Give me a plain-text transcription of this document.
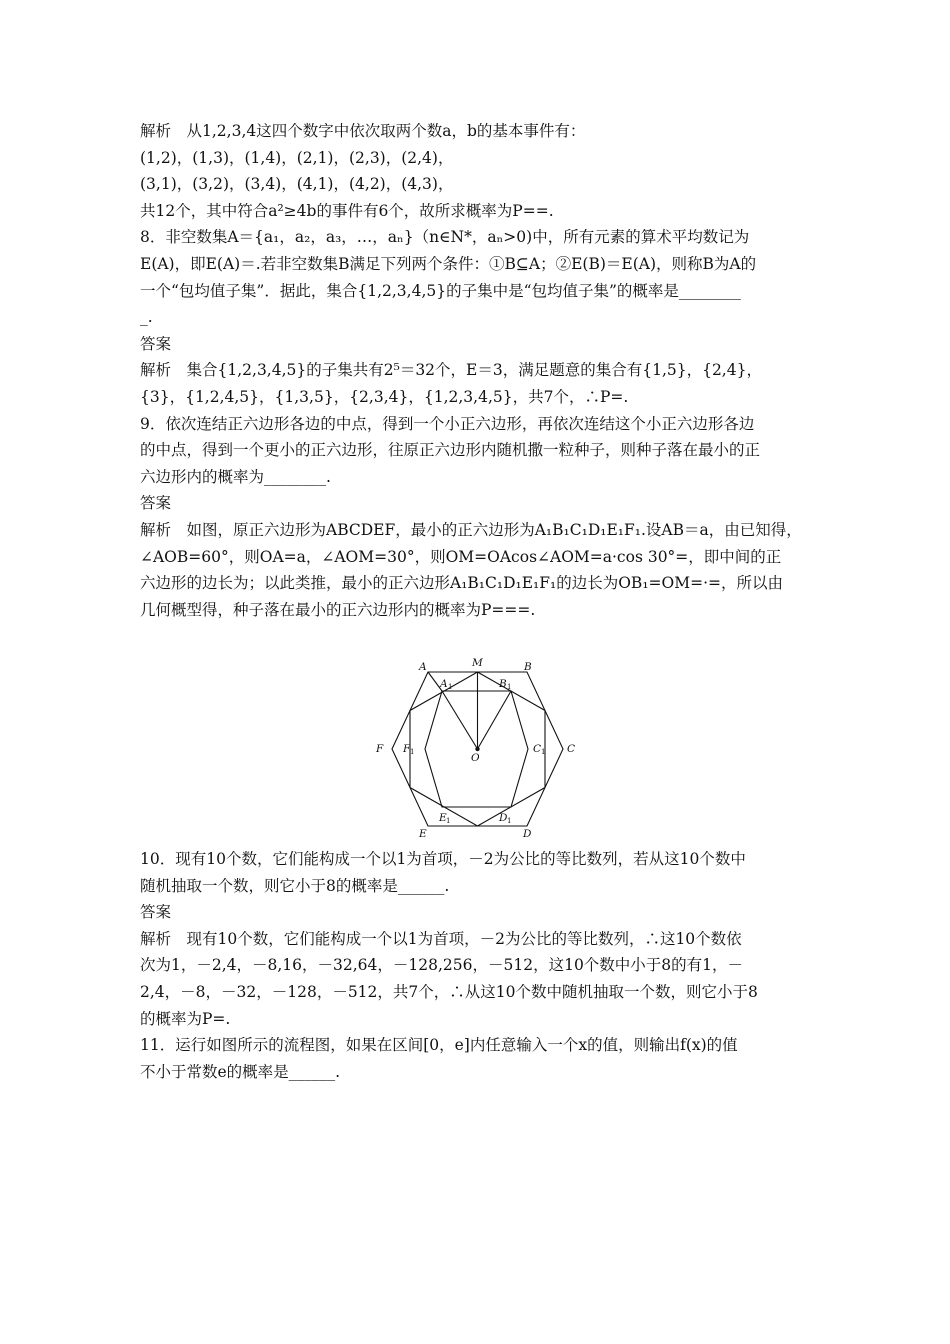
解析　从1,2,3,4这四个数字中依次取两个数a，b的基本事件有：
(1,2)，(1,3)，(1,4)，(2,1)，(2,3)，(2,4)，
(3,1)，(3,2)，(3,4)，(4,1)，(4,2)，(4,3)，
共12个，其中符合a²≥4b的事件有6个，故所求概率为P==.
8．非空数集A＝{a₁，a₂，a₃，…，aₙ}（n∈N*，aₙ>0)中，所有元素的算术平均数记为
E(A)，即E(A)＝.若非空数集B满足下列两个条件：①B⊆A；②E(B)＝E(A)，则称B为A的
一个“包均值子集”．据此，集合{1,2,3,4,5}的子集中是“包均值子集”的概率是________
_.
答案
解析　集合{1,2,3,4,5}的子集共有2⁵＝32个，E＝3，满足题意的集合有{1,5}，{2,4}，
{3}，{1,2,4,5}，{1,3,5}，{2,3,4}，{1,2,3,4,5}，共7个，∴P=.
9．依次连结正六边形各边的中点，得到一个小正六边形，再依次连结这个小正六边形各边
的中点，得到一个更小的正六边形，往原正六边形内随机撒一粒种子，则种子落在最小的正
六边形内的概率为________.
答案
解析　如图，原正六边形为ABCDEF，最小的正六边形为A₁B₁C₁D₁E₁F₁.设AB＝a，由已知得，
∠AOB=60°，则OA=a，∠AOM=30°，则OM=OAcos∠AOM=a·cos 30°=，即中间的正
六边形的边长为；以此类推，最小的正六边形A₁B₁C₁D₁E₁F₁的边长为OB₁=OM=·=，所以由
几何概型得，种子落在最小的正六边形内的概率为P===.
A	M	B
F	C
E	D
O
A 1	B 1
F 1	C 1
E 1	D 1
10．现有10个数，它们能构成一个以1为首项，－2为公比的等比数列，若从这10个数中
随机抽取一个数，则它小于8的概率是______.
答案
解析　现有10个数，它们能构成一个以1为首项，－2为公比的等比数列，∴这10个数依
次为1，－2,4，－8,16，－32,64，－128,256，－512，这10个数中小于8的有1，－
2,4，－8，－32，－128，－512，共7个，∴从这10个数中随机抽取一个数，则它小于8
的概率为P=.
11．运行如图所示的流程图，如果在区间[0，e]内任意输入一个x的值，则输出f(x)的值
不小于常数e的概率是______.
